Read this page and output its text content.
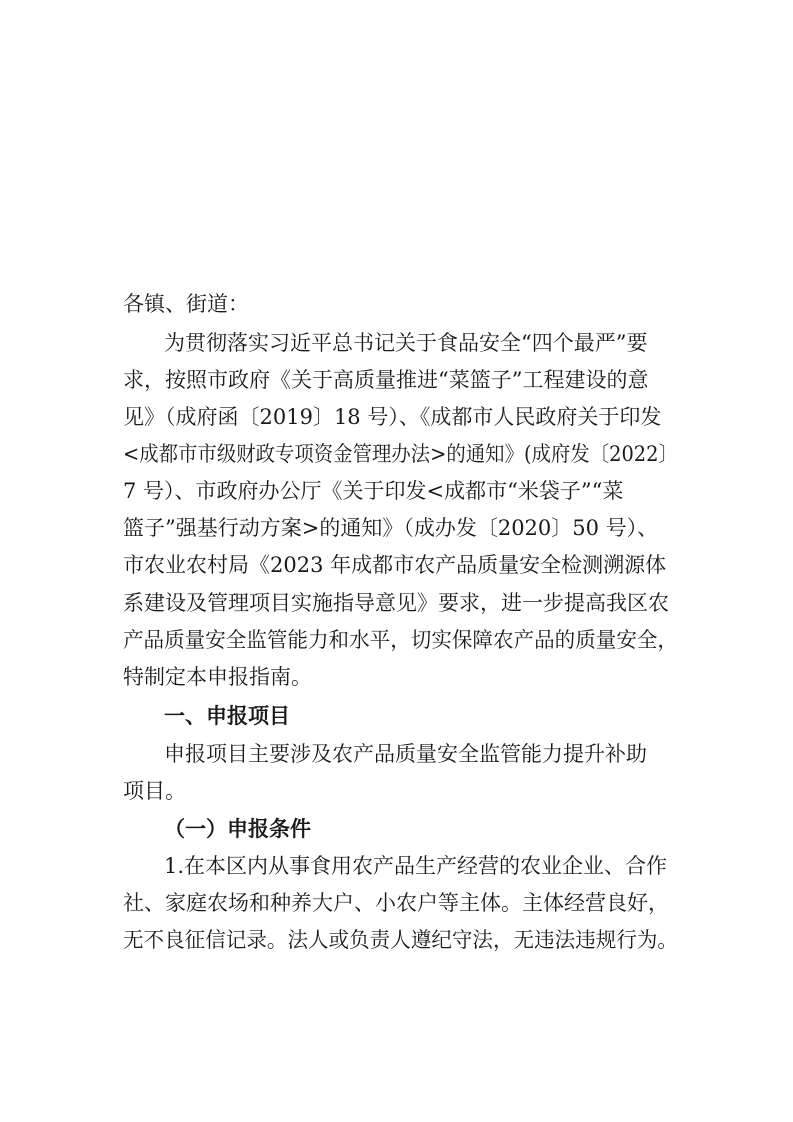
各镇、街道：
为贯彻落实习近平总书记关于食品安全“四个最严”要
求，按照市政府《关于高质量推进“菜篮子”工程建设的意
见》（成府函〔2019〕18 号）、《成都市人民政府关于印发
<成都市市级财政专项资金管理办法>的通知》(成府发〔2022〕
7 号）、市政府办公厅《关于印发<成都市“米袋子”“菜
篮子”强基行动方案>的通知》（成办发〔2020〕50 号）、
市农业农村局《2023 年成都市农产品质量安全检测溯源体
系建设及管理项目实施指导意见》要求，进一步提高我区农
产品质量安全监管能力和水平，切实保障农产品的质量安全，
特制定本申报指南。
一、申报项目
申报项目主要涉及农产品质量安全监管能力提升补助
项目。
（一）申报条件
1.在本区内从事食用农产品生产经营的农业企业、合作
社、家庭农场和种养大户、小农户等主体。主体经营良好，
无不良征信记录。法人或负责人遵纪守法，无违法违规行为。
